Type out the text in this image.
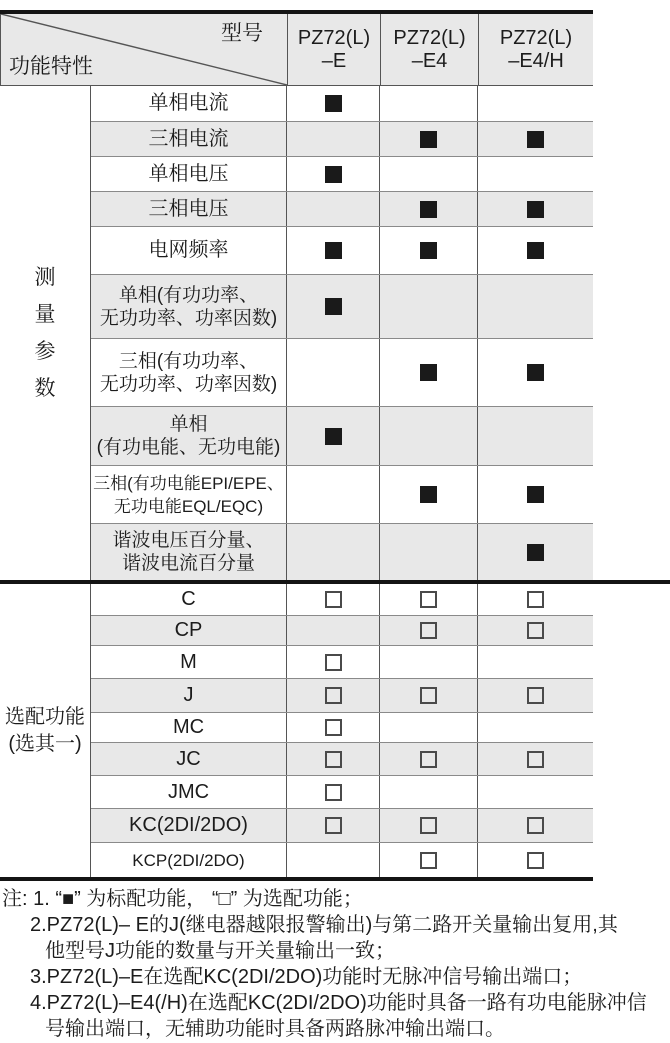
型号
功能特性
PZ72(L)
–E
PZ72(L)
–E4
PZ72(L)
–E4/H
测
量
参
数
单相电流
三相电流
单相电压
三相电压
电网频率
单相(有功功率、
无功功率、功率因数)
三相(有功功率、
无功功率、功率因数)
单相
(有功电能、无功电能)
三相(有功电能EPI/EPE、
无功电能EQL/EQC)
谐波电压百分量、
谐波电流百分量
选配功能
(选其一)
C
CP
M
J
MC
JC
JMC
KC(2DI/2DO)
KCP(2DI/2DO)
注: 1. “■” 为标配功能， “□” 为选配功能；
2.PZ72(L)– E的J(继电器越限报警输出)与第二路开关量输出复用,其
他型号J功能的数量与开关量输出一致；
3.PZ72(L)–E在选配KC(2DI/2DO)功能时无脉冲信号输出端口；
4.PZ72(L)–E4(/H)在选配KC(2DI/2DO)功能时具备一路有功电能脉冲信
号输出端口，无辅助功能时具备两路脉冲输出端口。
